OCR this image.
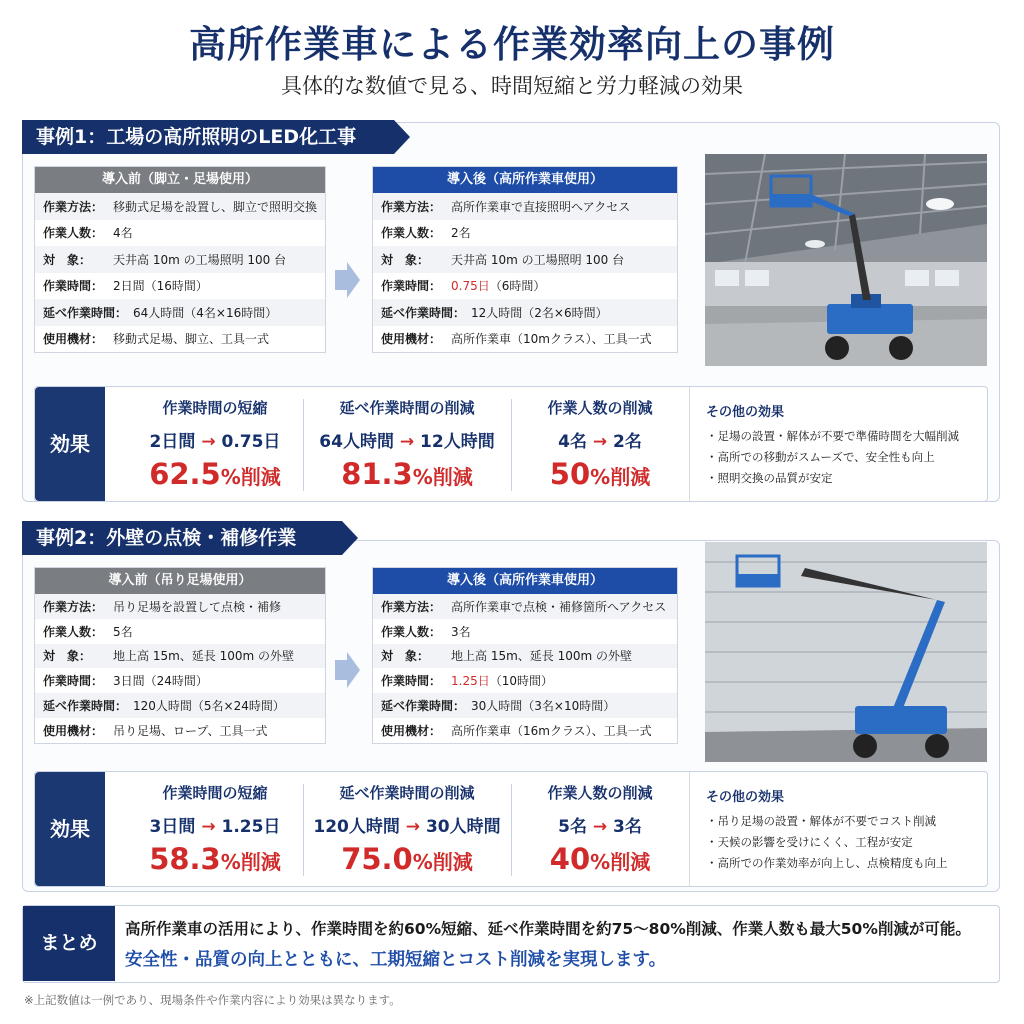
高所作業車による作業効率向上の事例
具体的な数値で見る、時間短縮と労力軽減の効果
事例1：工場の高所照明のLED化工事
導入前（脚立・足場使用）
作業方法： 移動式足場を設置し、脚立で照明交換
作業人数： 4名
対　象：	天井高 10m の工場照明 100 台
作業時間： 2日間（16時間）
延べ作業時間： 64人時間（4名×16時間）
使用機材： 移動式足場、脚立、工具一式
導入後（高所作業車使用）
作業方法： 高所作業車で直接照明へアクセス
作業人数： 2名
対　象：	天井高 10m の工場照明 100 台
作業時間： 0.75日（6時間）
延べ作業時間： 12人時間（2名×6時間）
使用機材： 高所作業車（10mクラス）、工具一式
効果
作業時間の短縮
2日間 → 0.75日
62.5%削減
延べ作業時間の削減
64人時間 → 12人時間
81.3%削減
作業人数の削減
4名 → 2名
50%削減
その他の効果
・足場の設置・解体が不要で準備時間を大幅削減
・高所での移動がスムーズで、安全性も向上
・照明交換の品質が安定
事例2：外壁の点検・補修作業
導入前（吊り足場使用）
作業方法： 吊り足場を設置して点検・補修
作業人数： 5名
対　象：	地上高 15m、延長 100m の外壁
作業時間： 3日間（24時間）
延べ作業時間： 120人時間（5名×24時間）
使用機材： 吊り足場、ロープ、工具一式
導入後（高所作業車使用）
作業方法： 高所作業車で点検・補修箇所へアクセス
作業人数： 3名
対　象：	地上高 15m、延長 100m の外壁
作業時間： 1.25日（10時間）
延べ作業時間： 30人時間（3名×10時間）
使用機材： 高所作業車（16mクラス）、工具一式
効果
作業時間の短縮
3日間 → 1.25日
58.3%削減
延べ作業時間の削減
120人時間 → 30人時間
75.0%削減
作業人数の削減
5名 → 3名
40%削減
その他の効果
・吊り足場の設置・解体が不要でコスト削減
・天候の影響を受けにくく、工程が安定
・高所での作業効率が向上し、点検精度も向上
まとめ
高所作業車の活用により、作業時間を約60%短縮、延べ作業時間を約75〜80%削減、作業人数も最大50%削減が可能。
安全性・品質の向上とともに、工期短縮とコスト削減を実現します。
※上記数値は一例であり、現場条件や作業内容により効果は異なります。
